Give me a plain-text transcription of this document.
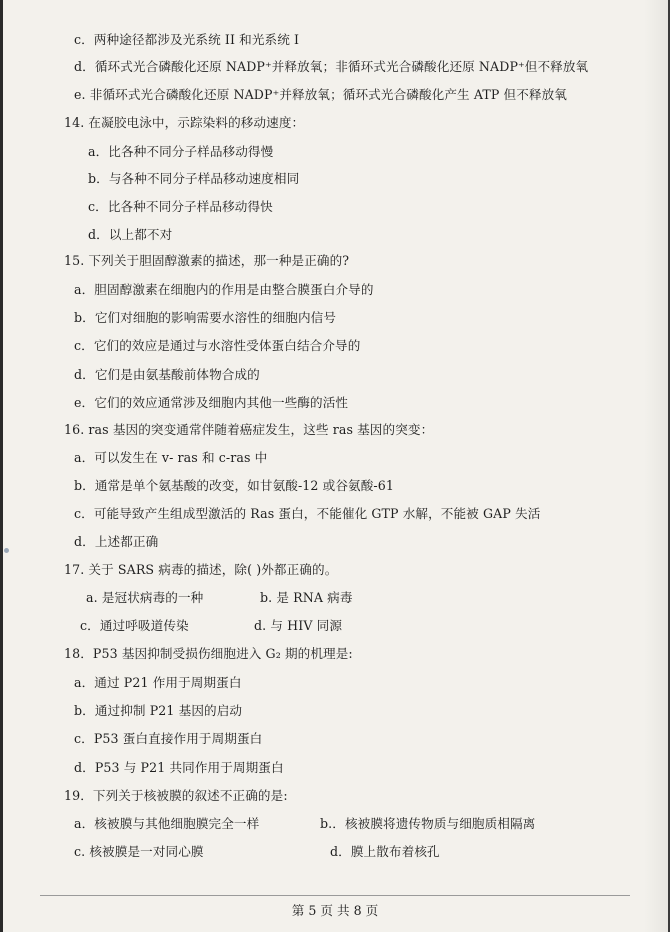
c．两种途径都涉及光系统 II 和光系统 I
d．循环式光合磷酸化还原 NADP⁺并释放氧；非循环式光合磷酸化还原 NADP⁺但不释放氧
e. 非循环式光合磷酸化还原 NADP⁺并释放氧；循环式光合磷酸化产生 ATP 但不释放氧
14. 在凝胶电泳中，示踪染料的移动速度：
a．比各种不同分子样品移动得慢
b．与各种不同分子样品移动速度相同
c．比各种不同分子样品移动得快
d．以上都不对
15. 下列关于胆固醇激素的描述，那一种是正确的?
a．胆固醇激素在细胞内的作用是由整合膜蛋白介导的
b．它们对细胞的影响需要水溶性的细胞内信号
c．它们的效应是通过与水溶性受体蛋白结合介导的
d．它们是由氨基酸前体物合成的
e．它们的效应通常涉及细胞内其他一些酶的活性
16. ras 基因的突变通常伴随着癌症发生，这些 ras 基因的突变：
a．可以发生在 v- ras 和 c-ras 中
b．通常是单个氨基酸的改变，如甘氨酸-12 或谷氨酸-61
c．可能导致产生组成型激活的 Ras 蛋白，不能催化 GTP 水解，不能被 GAP 失活
d．上述都正确
17. 关于 SARS 病毒的描述，除( )外都正确的。
a. 是冠状病毒的一种	b. 是 RNA 病毒
c．通过呼吸道传染	d. 与 HIV 同源
18．P53 基因抑制受损伤细胞进入 G₂ 期的机理是:
a．通过 P21 作用于周期蛋白
b．通过抑制 P21 基因的启动
c．P53 蛋白直接作用于周期蛋白
d．P53 与 P21 共同作用于周期蛋白
19．下列关于核被膜的叙述不正确的是:
a．核被膜与其他细胞膜完全一样	b.．核被膜将遗传物质与细胞质相隔离
c. 核被膜是一对同心膜	d．膜上散布着核孔
第 5 页 共 8 页
